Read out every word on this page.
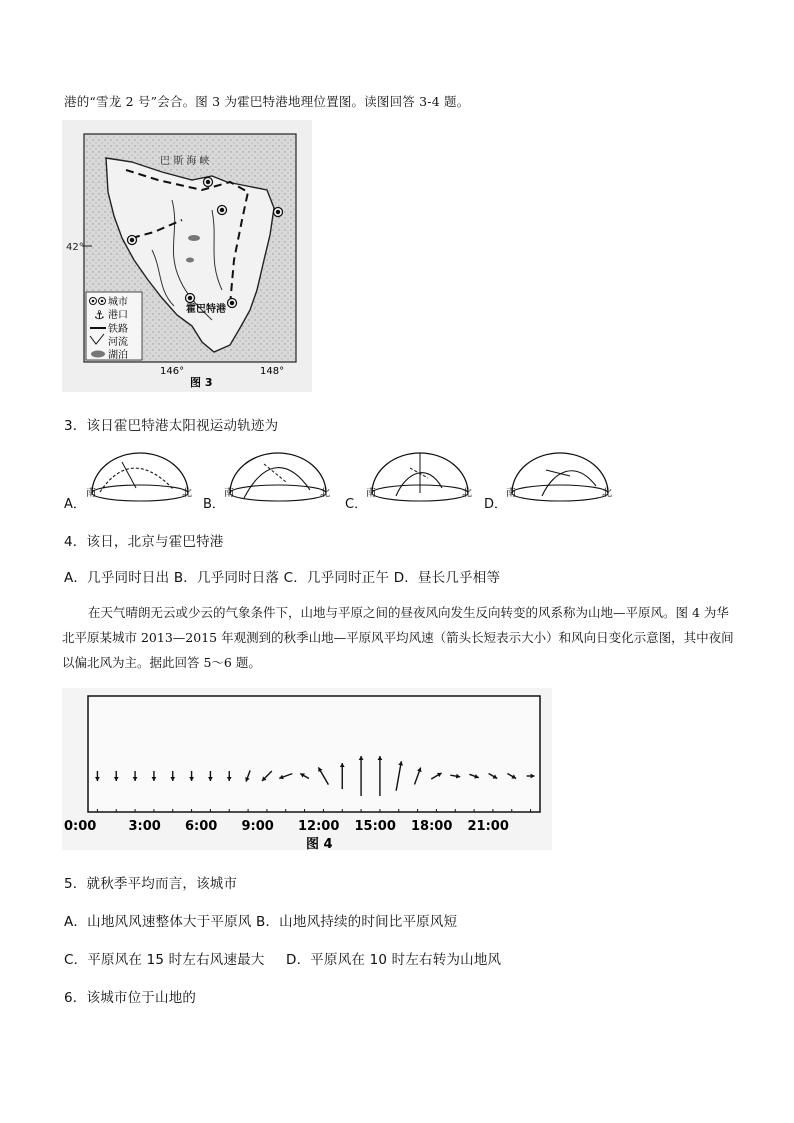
港的“雪龙 2 号”会合。图 3 为霍巴特港地理位置图。读图回答 3-4 题。
巴 斯 海 峡
42°
霍巴特港
城市
⚓ 港口
铁路
河流
湖泊
146°	148°
图 3
3．该日霍巴特港太阳视运动轨迹为
A．
南	北
B．
南	北
C．
南	北
D．
南	北
4．该日，北京与霍巴特港
A．几乎同时日出 B．几乎同时日落 C．几乎同时正午 D．昼长几乎相等
在天气晴朗无云或少云的气象条件下，山地与平原之间的昼夜风向发生反向转变的风系称为山地—平原风。图 4 为华北平原某城市 2013—2015 年观测到的秋季山地—平原风平均风速（箭头长短表示大小）和风向日变化示意图，其中夜间以偏北风为主。据此回答 5～6 题。
0:00 3:00 6:00 9:00 12:00 15:00 18:00 21:00
图 4
5．就秋季平均而言，该城市
A．山地风风速整体大于平原风 B．山地风持续的时间比平原风短
C．平原风在 15 时左右风速最大 D．平原风在 10 时左右转为山地风
6．该城市位于山地的
